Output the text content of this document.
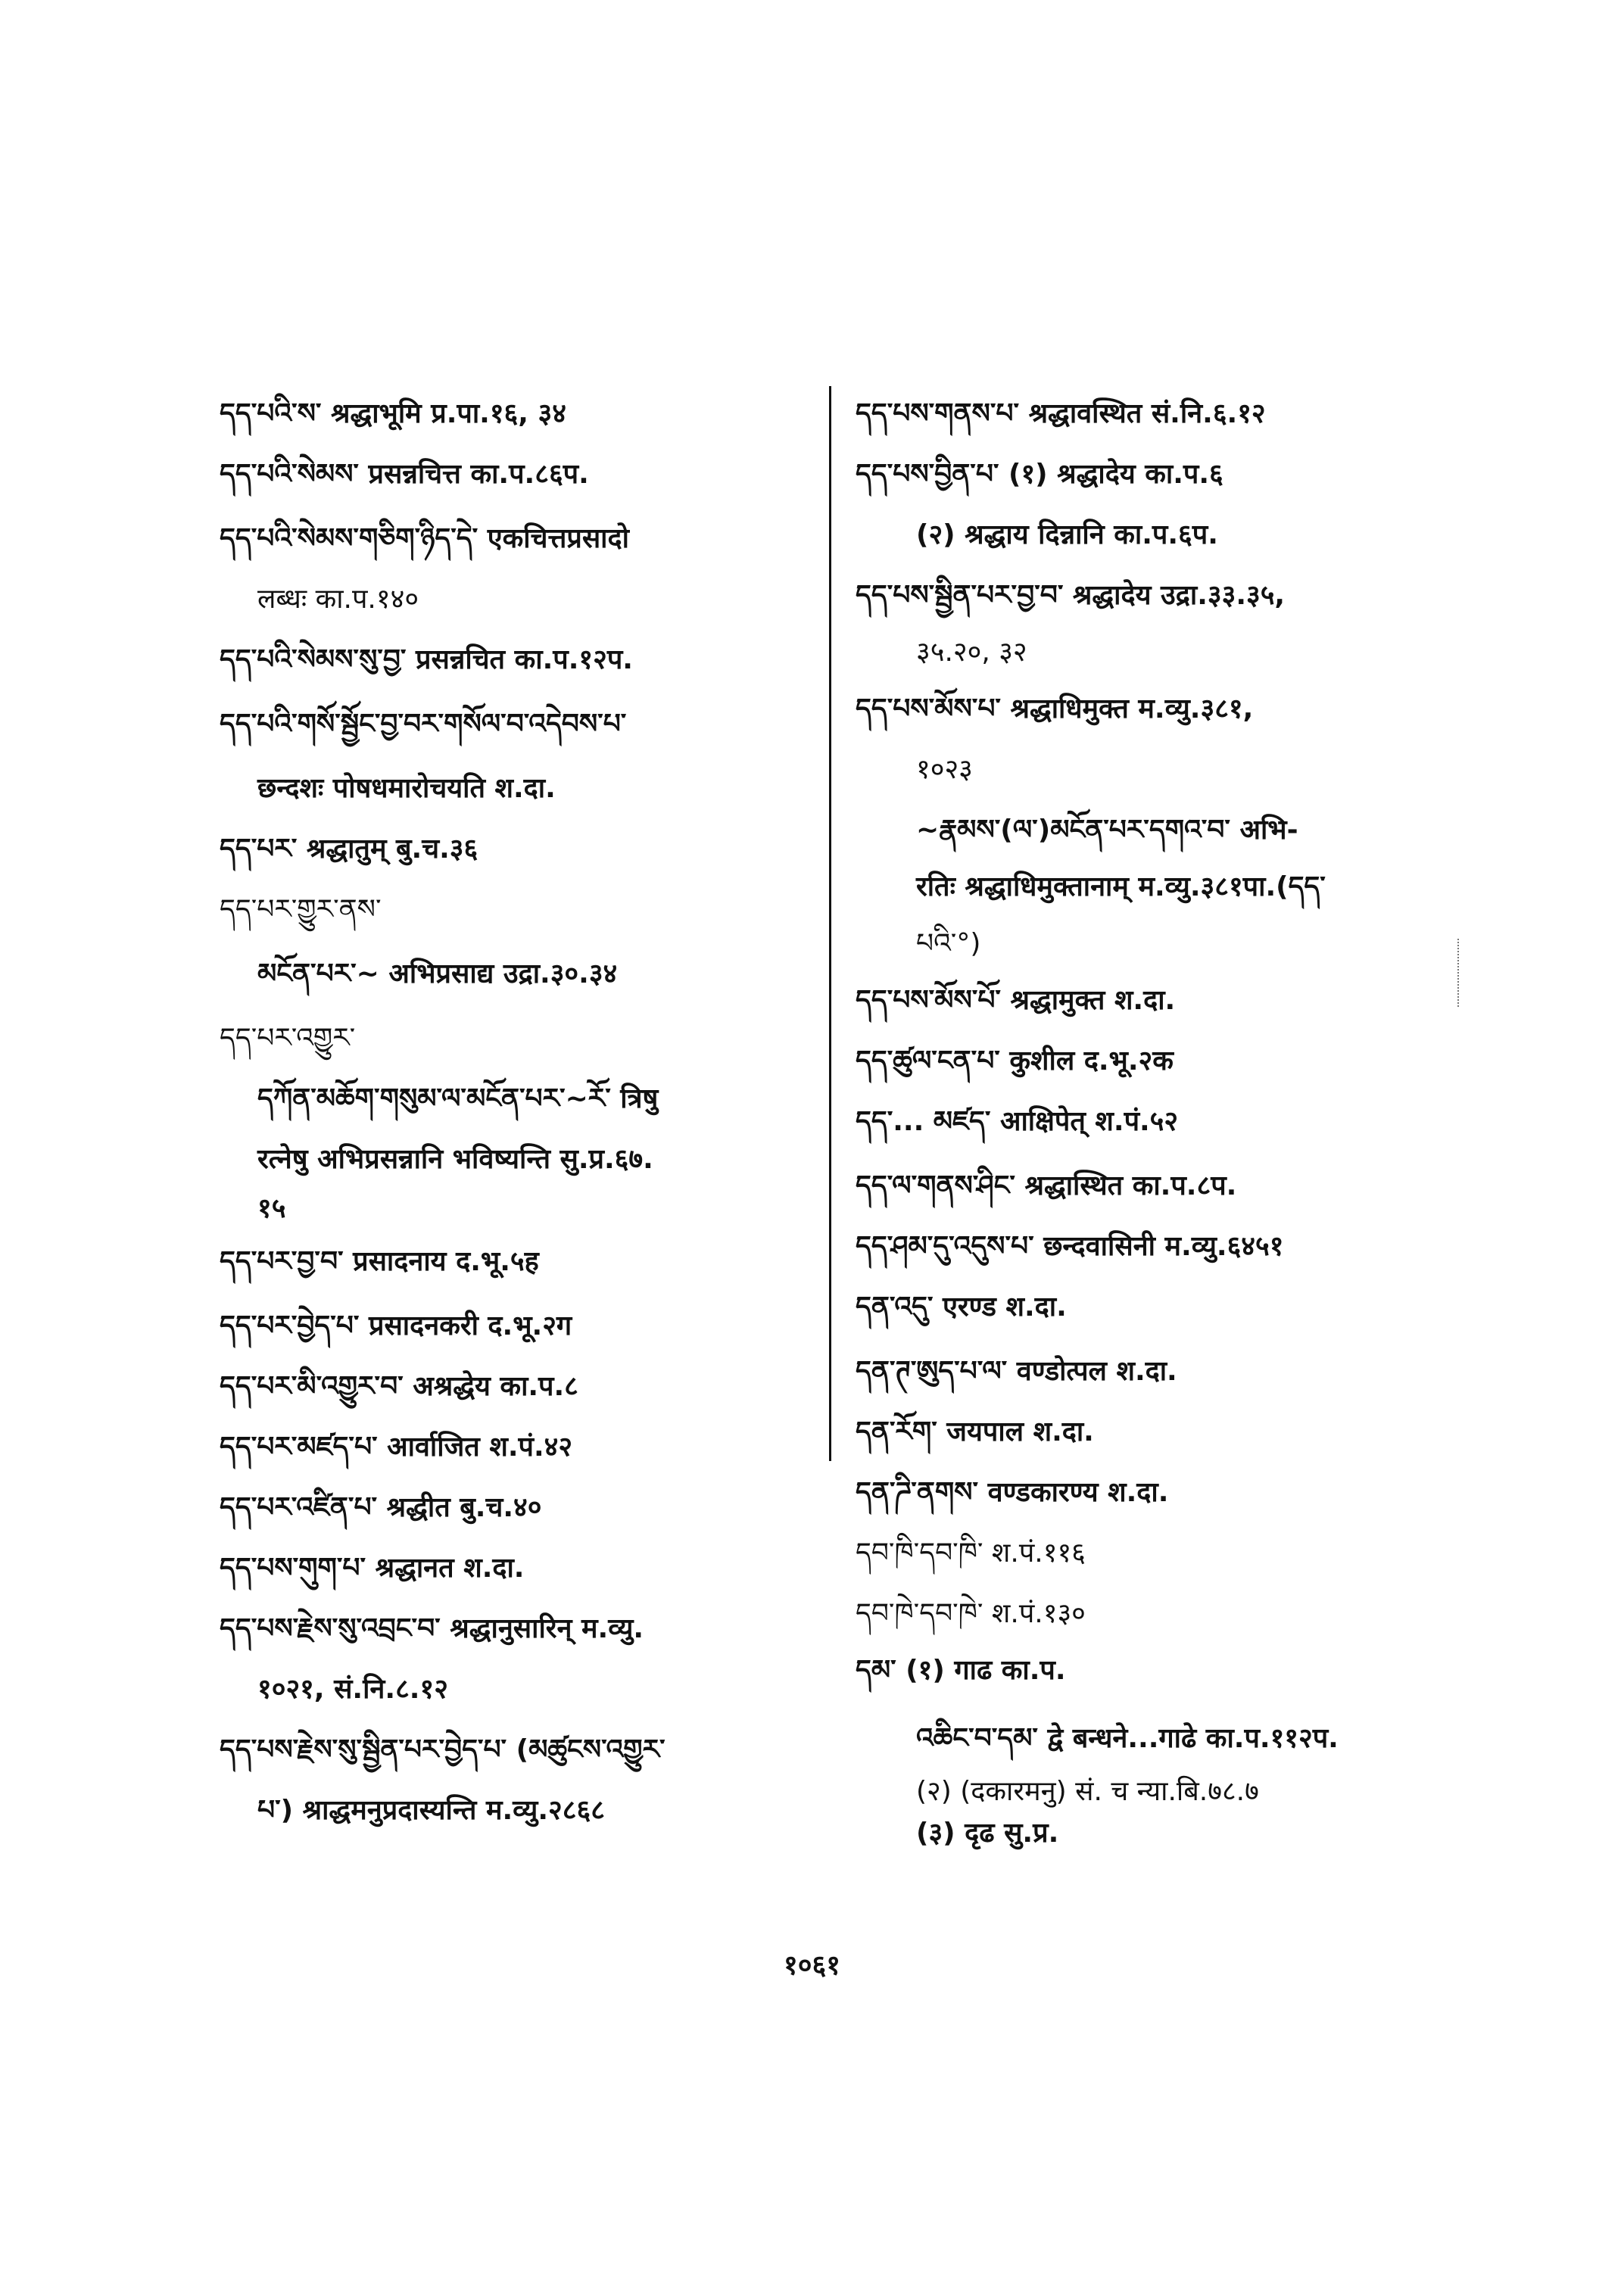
དད་པའི་ས་ श्रद्धाभूमि प्र.पा.१६, ३४
དད་པའི་སེམས་ प्रसन्नचित्त का.प.८६प.
དད་པའི་སེམས་གཅིག་ཉིད་དེ་ एकचित्तप्रसादो
लब्धः का.प.१४०
དད་པའི་སེམས་སུ་བྱ་ प्रसन्नचित का.प.१२प.
དད་པའི་གསོ་སྦྱོང་བྱ་བར་གསོལ་བ་འདེབས་པ་
छन्दशः पोषधमारोचयति श.दा.
དད་པར་ श्रद्धातुम् बु.च.३६
དད་པར་གྱུར་ནས་
མངོན་པར་~ अभिप्रसाद्य उद्रा.३०.३४
དད་པར་འགྱུར་
དཀོན་མཆོག་གསུམ་ལ་མངོན་པར་~རོ་ त्रिषु
रत्नेषु अभिप्रसन्नानि भविष्यन्ति सु.प्र.६७.
१५
དད་པར་བྱ་བ་ प्रसादनाय द.भू.५ह
དད་པར་བྱེད་པ་ प्रसादनकरी द.भू.२ग
དད་པར་མི་འགྱུར་བ་ अश्रद्धेय का.प.८
དད་པར་མཛད་པ་ आर्वाजित श.पं.४२
དད་པར་འཛིན་པ་ श्रद्धीत बु.च.४०
དད་པས་གུག་པ་ श्रद्धानत श.दा.
དད་པས་རྗེས་སུ་འབྲང་བ་ श्रद्धानुसारिन् म.व्यु.
१०२१, सं.नि.८.१२
དད་པས་རྗེས་སུ་སྦྱིན་པར་བྱེད་པ་ (མཚུངས་འགྱུར་
པ་) श्राद्धमनुप्रदास्यन्ति म.व्यु.२८६८
དད་པས་གནས་པ་ श्रद्धावस्थित सं.नि.६.१२
དད་པས་བྱིན་པ་ (१) श्रद्धादेय का.प.६
(२) श्रद्धाय दिन्नानि का.प.६प.
དད་པས་སྦྱིན་པར་བྱ་བ་ श्रद्धादेय उद्रा.३३.३५,
३५.२०, ३२
དད་པས་མོས་པ་ श्रद्धाधिमुक्त म.व्यु.३८१,
१०२३
~རྣམས་(ལ་)མངོན་པར་དགའ་བ་ अभि-
रतिः श्रद्धाधिमुक्तानाम् म.व्यु.३८१पा.(དད་
པའི་°)
དད་པས་མོས་པོ་ श्रद्धामुक्त श.दा.
དད་ཚུལ་ངན་པ་ कुशील द.भू.२क
དད་... མཛད་ आक्षिपेत् श.पं.५२
དད་ལ་གནས་ཤིང་ श्रद्धास्थित का.प.८प.
དད་ཤམ་དུ་འདུས་པ་ छन्दवासिनी म.व्यु.६४५१
དན་འདུ་ एरण्ड श.दा.
དན་ཊ་ཨུད་པ་ལ་ वण्डोत्पल श.दा.
དན་རོག་ जयपाल श.दा.
དན་ཌི་ནགས་ वण्डकारण्य श.दा.
དབ་ཁི་དབ་ཁི་ श.पं.११६
དབ་ཁེ་དབ་ཁེ་ श.पं.१३०
དམ་ (१) गाढ का.प.
འཆིང་བ་དམ་ द्वे बन्धने...गाढे का.प.११२प.
(२) (दकारमनु) सं. च न्या.बि.७८.७
(३) दृढ सु.प्र.
१०६१
